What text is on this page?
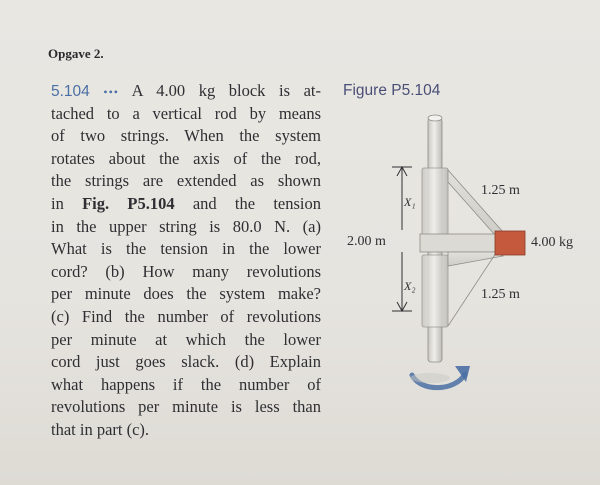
Opgave 2.
5.104 ••• A 4.00 kg block is at-
tached to a vertical rod by means
of two strings. When the system
rotates about the axis of the rod,
the strings are extended as shown
in Fig. P5.104 and the tension
in the upper string is 80.0 N. (a)
What is the tension in the lower
cord? (b) How many revolutions
per minute does the system make?
(c) Find the number of revolutions
per minute at which the lower
cord just goes slack. (d) Explain
what happens if the number of
revolutions per minute is less than
that in part (c).
Figure P5.104
1.25 m
1.25 m
2.00 m	4.00 kg
X₁
X₂
